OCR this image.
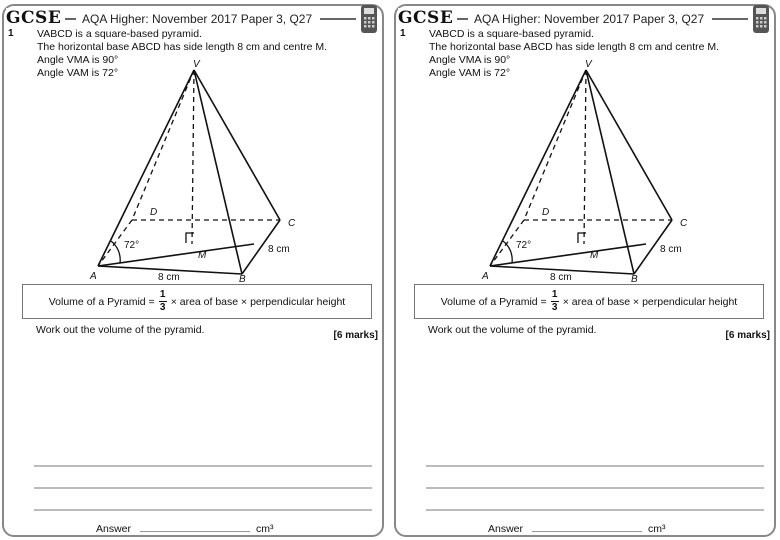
GCSE	AQA Higher: November 2017 Paper 3, Q27
1 VABCD is a square-based pyramid.
The horizontal base ABCD has side length 8 cm and centre M.
Angle VMA is 90°
Angle VAM is 72°
V
D
C
A	B
M
72°	8 cm
8 cm
Volume of a Pyramid = $\frac{1}{3}$ × area of base × perpendicular height
Work out the volume of the pyramid.	[6 marks]
Answer	cm³
GCSE	AQA Higher: November 2017 Paper 3, Q27
1 VABCD is a square-based pyramid.
The horizontal base ABCD has side length 8 cm and centre M.
Angle VMA is 90°
Angle VAM is 72°
V
D
C
A	B
M
72°	8 cm
8 cm
Volume of a Pyramid = $\frac{1}{3}$ × area of base × perpendicular height
Work out the volume of the pyramid.	[6 marks]
Answer	cm³
